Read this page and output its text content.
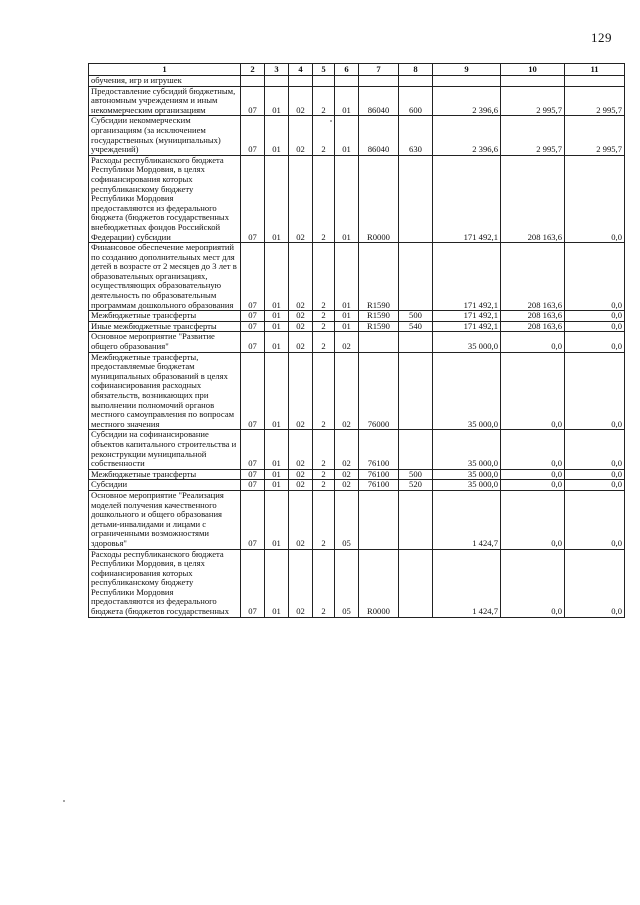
129
1	2	3	4	5	6	7	8	9	10	11
обучения, игр и игрушек										
Предоставление субсидий бюджетным, автономным учреждениям и иным некоммерческим организациям	07	01	02	2	01	86040	600	2 396,6	2 995,7	2 995,7
Субсидии некоммерческим организациям (за исключением государственных (муниципальных) учреждений)	07	01	02	2	01	86040	630	2 396,6	2 995,7	2 995,7
Расходы республиканского бюджета Республики Мордовия, в целях софинансирования которых республиканскому бюджету Республики Мордовия предоставляются из федерального бюджета (бюджетов государственных внебюджетных фондов Российской Федерации) субсидии	07	01	02	2	01	R0000		171 492,1	208 163,6	0,0
Финансовое обеспечение мероприятий по созданию дополнительных мест для детей в возрасте от 2 месяцев до 3 лет в образовательных организациях, осуществляющих образовательную деятельность по образовательным программам дошкольного образования	07	01	02	2	01	R1590		171 492,1	208 163,6	0,0
Межбюджетные трансферты	07	01	02	2	01	R1590	500	171 492,1	208 163,6	0,0
Иные межбюджетные трансферты	07	01	02	2	01	R1590	540	171 492,1	208 163,6	0,0
Основное мероприятие "Развитие общего образования"	07	01	02	2	02			35 000,0	0,0	0,0
Межбюджетные трансферты, предоставляемые бюджетам муниципальных образований в целях софинансирования расходных обязательств, возникающих при выполнении полномочий органов местного самоуправления по вопросам местного значения	07	01	02	2	02	76000		35 000,0	0,0	0,0
Субсидии на софинансирование объектов капитального строительства и реконструкции муниципальной собственности	07	01	02	2	02	76100		35 000,0	0,0	0,0
Межбюджетные трансферты	07	01	02	2	02	76100	500	35 000,0	0,0	0,0
Субсидии	07	01	02	2	02	76100	520	35 000,0	0,0	0,0
Основное мероприятие "Реализация моделей получения качественного дошкольного и общего образования детьми-инвалидами и лицами с ограниченными возможностями здоровья"	07	01	02	2	05			1 424,7	0,0	0,0
Расходы республиканского бюджета Республики Мордовия, в целях софинансирования которых республиканскому бюджету Республики Мордовия предоставляются из федерального бюджета (бюджетов государственных	07	01	02	2	05	R0000		1 424,7	0,0	0,0
